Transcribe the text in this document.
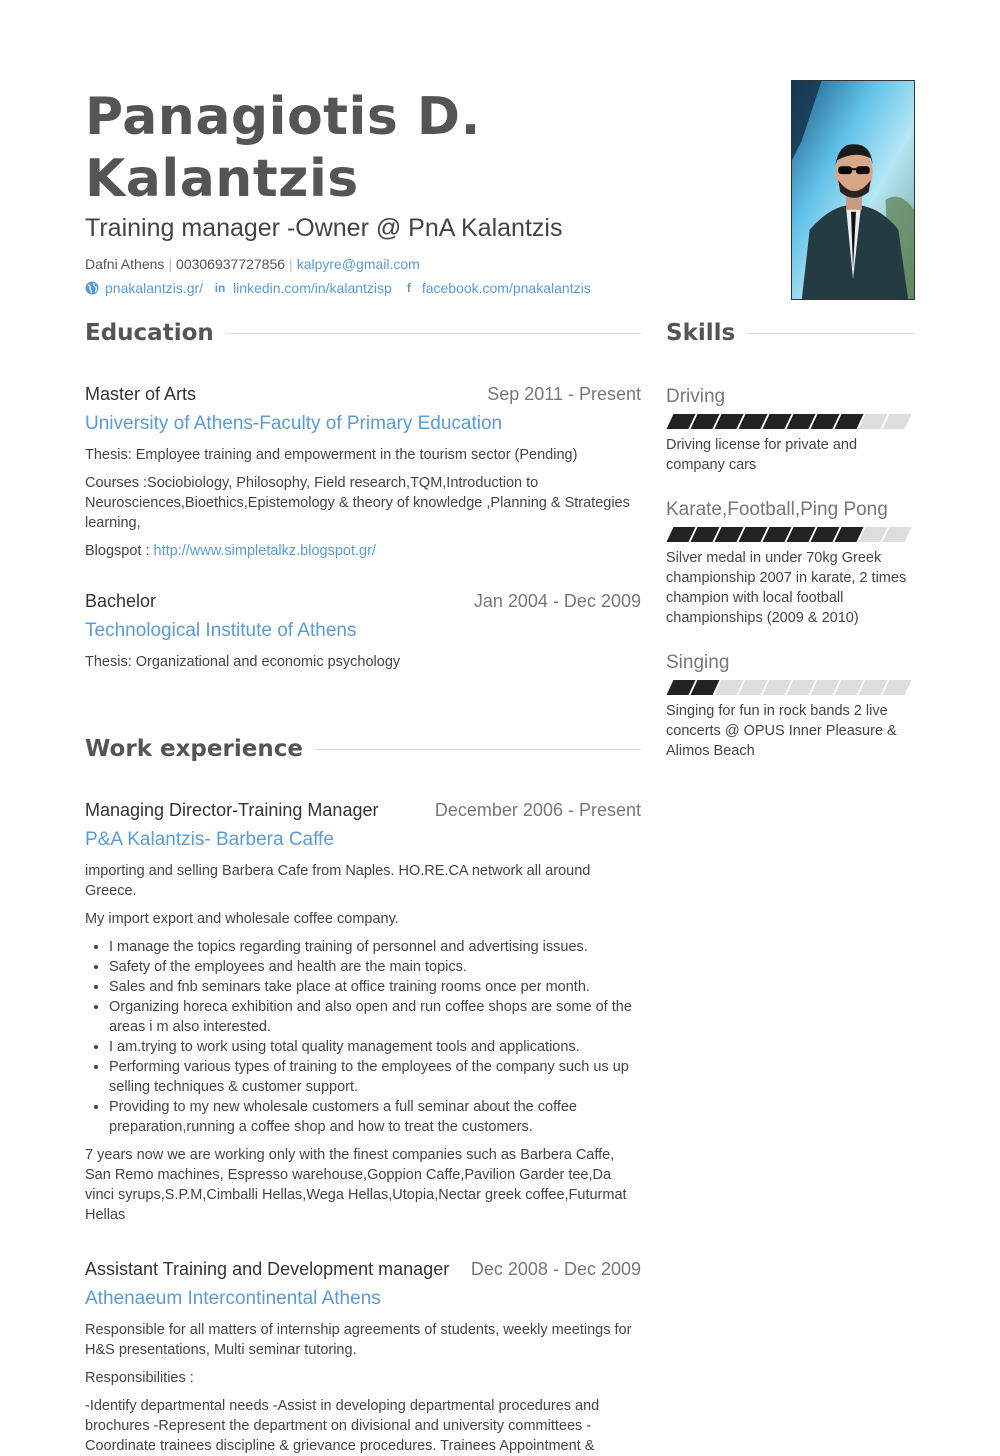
Panagiotis D. Kalantzis
Training manager -Owner @ PnA Kalantzis
Dafni Athens | 00306937727856 | kalpyre@gmail.com
pnakalantzis.gr/ in linkedin.com/in/kalantzisp	f facebook.com/pnakalantzis
Education
Master of Arts	Sep 2011 - Present
University of Athens-Faculty of Primary Education
Thesis: Employee training and empowerment in the tourism sector (Pending)
Courses :Sociobiology, Philosophy, Field research,TQM,Introduction to Neurosciences,Bioethics,Epistemology & theory of knowledge ,Planning & Strategies learning,
Blogspot : http://www.simpletalkz.blogspot.gr/
Bachelor	Jan 2004 - Dec 2009
Technological Institute of Athens
Thesis: Organizational and economic psychology
Work experience
Managing Director-Training Manager	December 2006 - Present
P&A Kalantzis- Barbera Caffe
importing and selling Barbera Cafe from Naples. HO.RE.CA network all around Greece.
My import export and wholesale coffee company.
• I manage the topics regarding training of personnel and advertising issues.
• Safety of the employees and health are the main topics.
• Sales and fnb seminars take place at office training rooms once per month.
• Organizing horeca exhibition and also open and run coffee shops are some of the areas i m also interested.
• I am.trying to work using total quality management tools and applications.
• Performing various types of training to the employees of the company such us up selling techniques & customer support.
• Providing to my new wholesale customers a full seminar about the coffee preparation,running a coffee shop and how to treat the customers.
7 years now we are working only with the finest companies such as Barbera Caffe, San Remo machines, Espresso warehouse,Goppion Caffe,Pavilion Garder tee,Da vinci syrups,S.P.M,Cimballi Hellas,Wega Hellas,Utopia,Nectar greek coffee,Futurmat Hellas
Assistant Training and Development manager Dec 2008 - Dec 2009
Athenaeum Intercontinental Athens
Responsible for all matters of internship agreements of students, weekly meetings for H&S presentations, Multi seminar tutoring.
Responsibilities :
-Identify departmental needs -Assist in developing departmental procedures and brochures -Represent the department on divisional and university committees -Coordinate trainees discipline & grievance procedures. Trainees Appointment &
Skills
Driving
Driving license for private and company cars
Karate,Football,Ping Pong
Silver medal in under 70kg Greek championship 2007 in karate, 2 times champion with local football championships (2009 & 2010)
Singing
Singing for fun in rock bands 2 live concerts @ OPUS Inner Pleasure & Alimos Beach
